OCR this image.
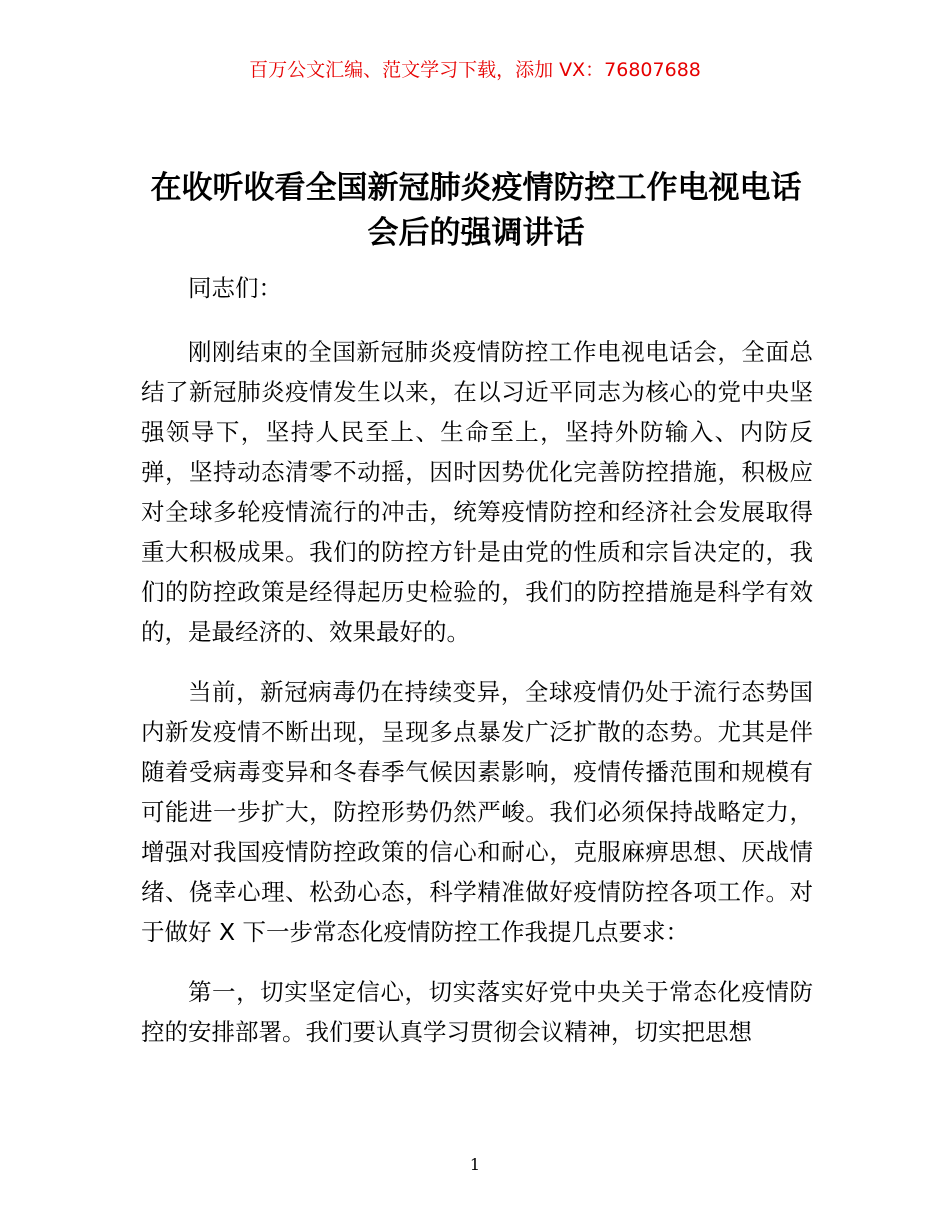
百万公文汇编、范文学习下载，添加 VX：76807688
在收听收看全国新冠肺炎疫情防控工作电视电话会后的强调讲话

同志们：

刚刚结束的全国新冠肺炎疫情防控工作电视电话会，全面总结了新冠肺炎疫情发生以来，在以习近平同志为核心的党中央坚强领导下，坚持人民至上、生命至上，坚持外防输入、内防反弹，坚持动态清零不动摇，因时因势优化完善防控措施，积极应对全球多轮疫情流行的冲击，统筹疫情防控和经济社会发展取得重大积极成果。我们的防控方针是由党的性质和宗旨决定的，我们的防控政策是经得起历史检验的，我们的防控措施是科学有效的，是最经济的、效果最好的。

当前，新冠病毒仍在持续变异，全球疫情仍处于流行态势国内新发疫情不断出现，呈现多点暴发广泛扩散的态势。尤其是伴随着受病毒变异和冬春季气候因素影响，疫情传播范围和规模有可能进一步扩大，防控形势仍然严峻。我们必须保持战略定力，增强对我国疫情防控政策的信心和耐心，克服麻痹思想、厌战情绪、侥幸心理、松劲心态，科学精准做好疫情防控各项工作。对于做好 X 下一步常态化疫情防控工作我提几点要求：

第一，切实坚定信心，切实落实好党中央关于常态化疫情防控的安排部署。我们要认真学习贯彻会议精神，切实把思想

1
